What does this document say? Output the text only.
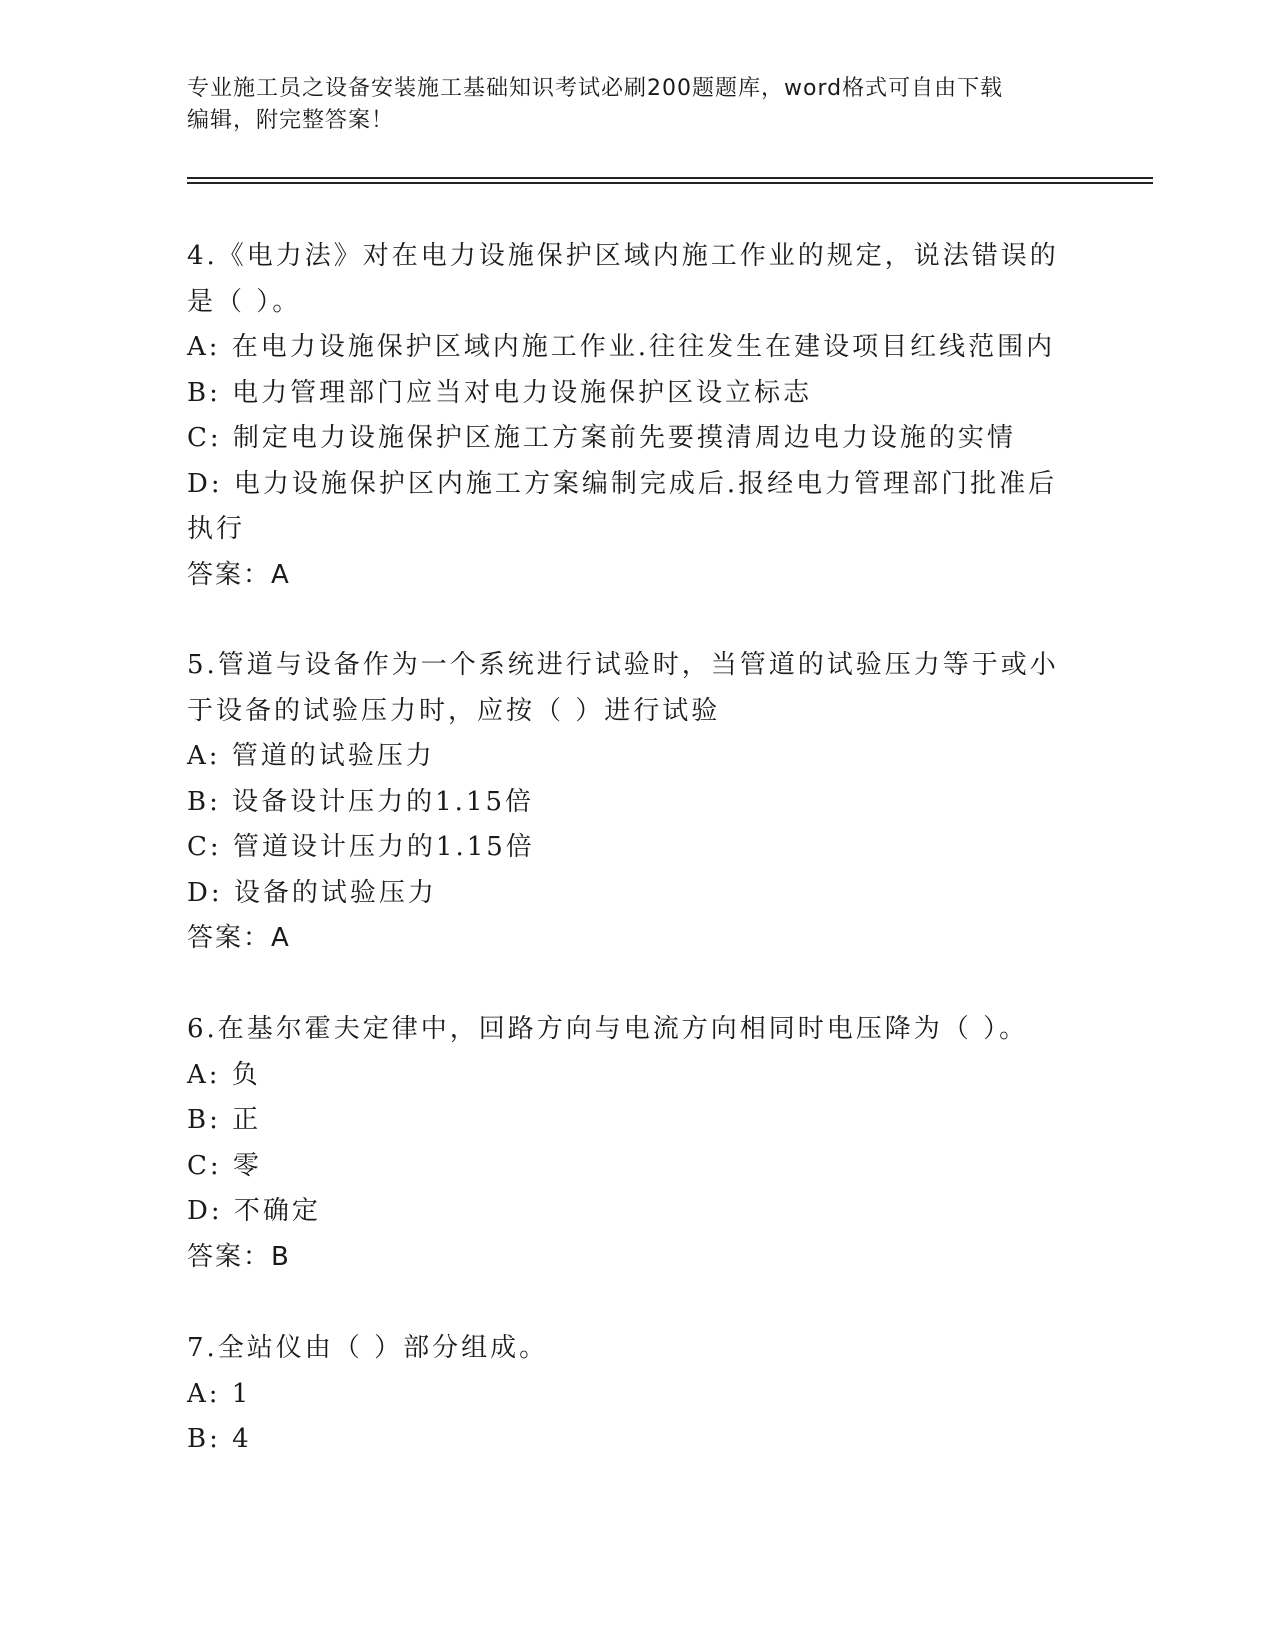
专业施工员之设备安装施工基础知识考试必刷200题题库，word格式可自由下载
编辑，附完整答案！
4.《电力法》对在电力设施保护区域内施工作业的规定，说法错误的
是（ ）。
A: 在电力设施保护区域内施工作业.往往发生在建设项目红线范围内
B: 电力管理部门应当对电力设施保护区设立标志
C: 制定电力设施保护区施工方案前先要摸清周边电力设施的实情
D: 电力设施保护区内施工方案编制完成后.报经电力管理部门批准后
执行
答案：A
5.管道与设备作为一个系统进行试验时，当管道的试验压力等于或小
于设备的试验压力时，应按（ ）进行试验
A: 管道的试验压力
B: 设备设计压力的1.15倍
C: 管道设计压力的1.15倍
D: 设备的试验压力
答案：A
6.在基尔霍夫定律中，回路方向与电流方向相同时电压降为（ ）。
A: 负
B: 正
C: 零
D: 不确定
答案：B
7.全站仪由（ ）部分组成。
A: 1
B: 4
